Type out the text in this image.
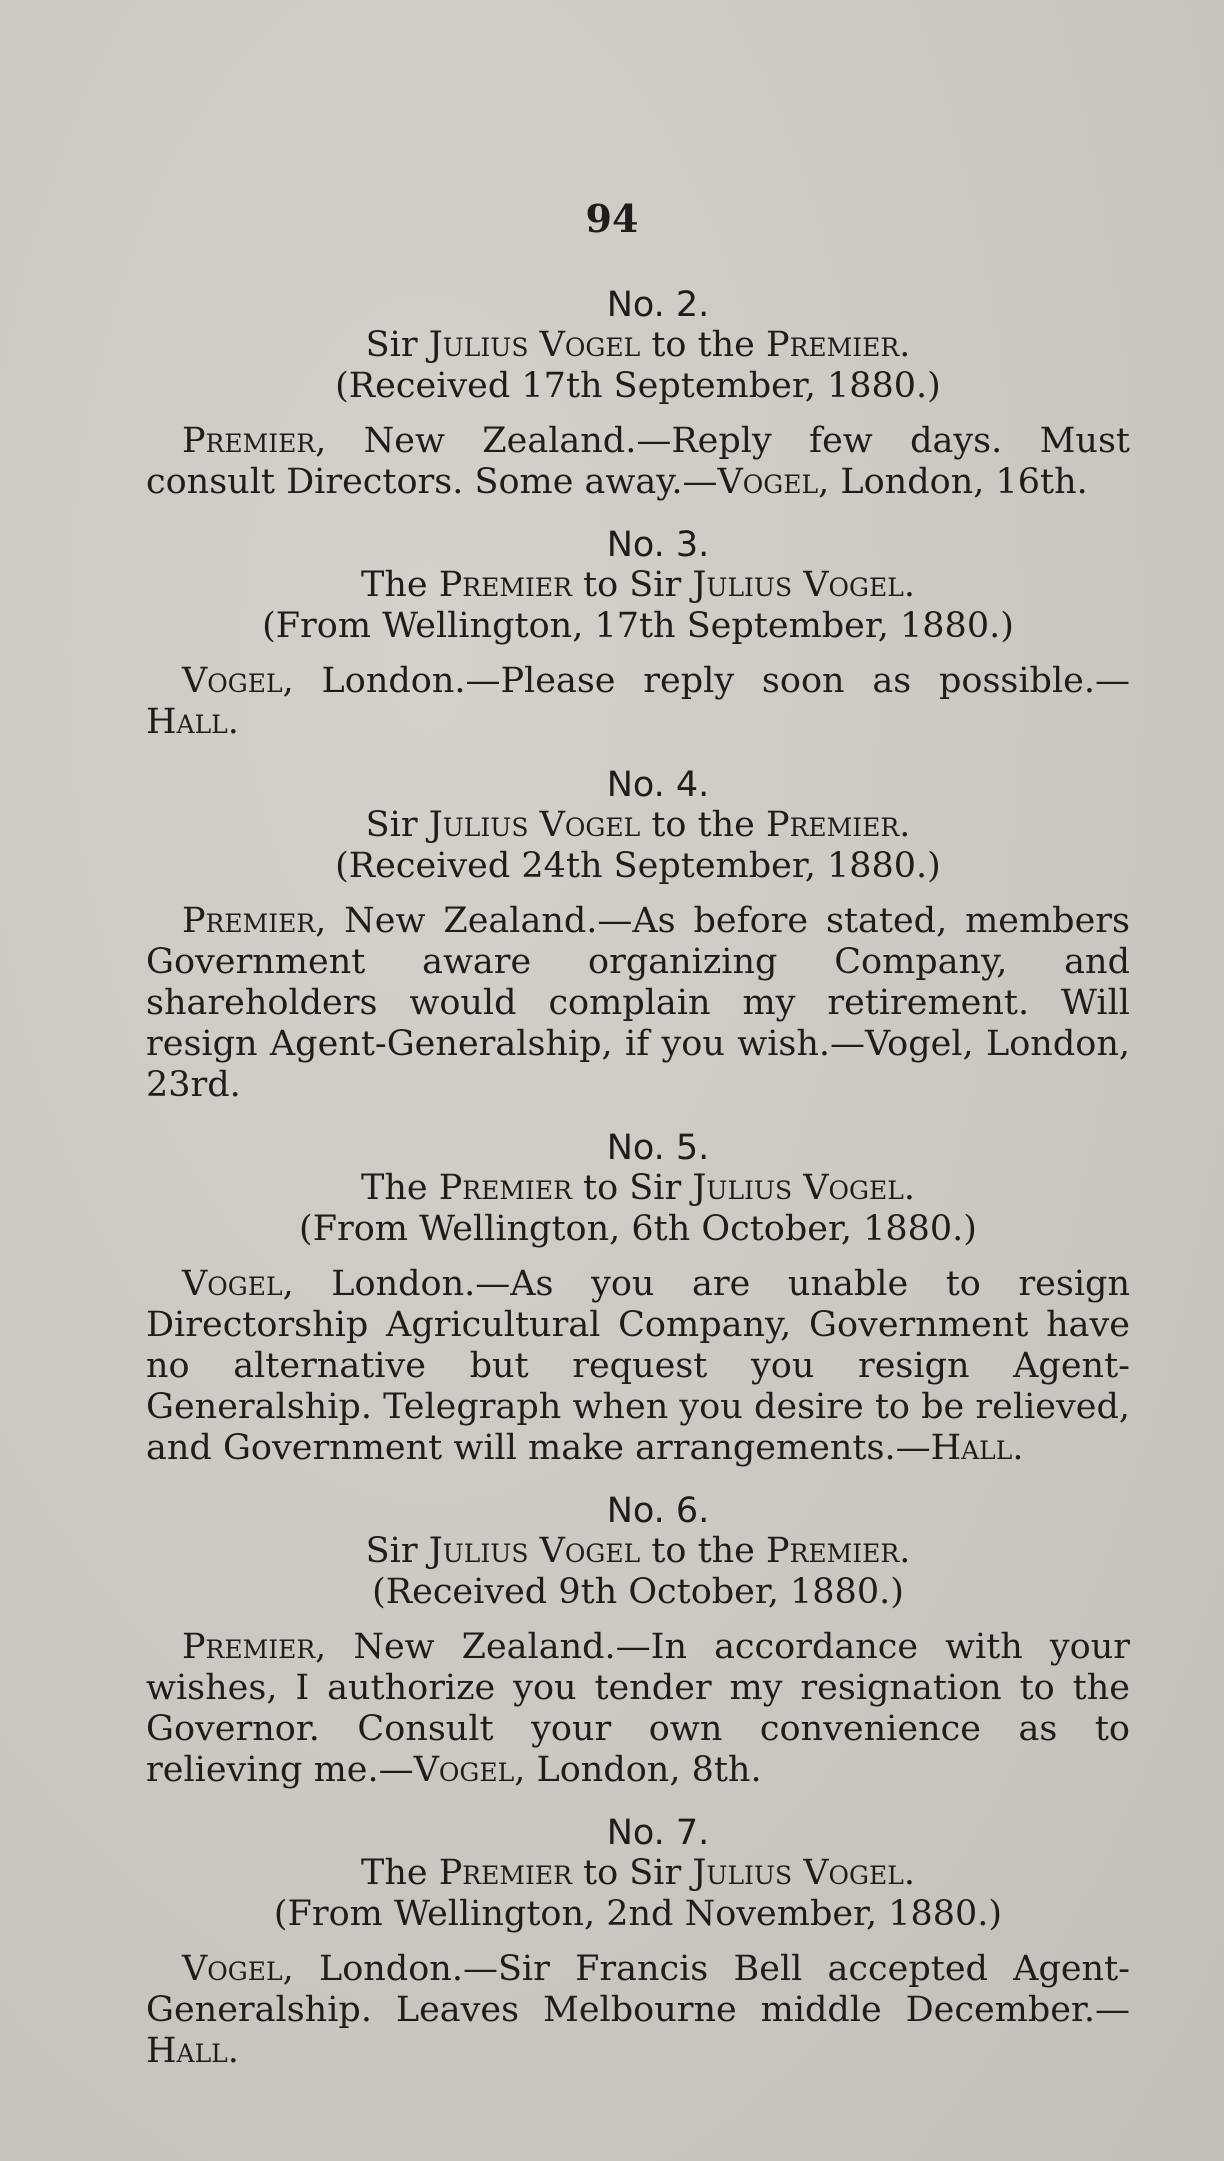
94
No. 2.
Sir Julius Vogel to the Premier.
(Received 17th September, 1880.)
Premier, New Zealand.—Reply few days. Must consult Directors. Some away.—Vogel, London, 16th.
No. 3.
The Premier to Sir Julius Vogel.
(From Wellington, 17th September, 1880.)
Vogel, London.—Please reply soon as possible.—Hall.
No. 4.
Sir Julius Vogel to the Premier.
(Received 24th September, 1880.)
Premier, New Zealand.—As before stated, members Government aware organizing Company, and shareholders would complain my retirement. Will resign Agent-Generalship, if you wish.—Vogel, London, 23rd.
No. 5.
The Premier to Sir Julius Vogel.
(From Wellington, 6th October, 1880.)
Vogel, London.—As you are unable to resign Directorship Agricultural Company, Government have no alternative but request you resign Agent-Generalship. Telegraph when you desire to be relieved, and Government will make arrangements.—Hall.
No. 6.
Sir Julius Vogel to the Premier.
(Received 9th October, 1880.)
Premier, New Zealand.—In accordance with your wishes, I authorize you tender my resignation to the Governor. Consult your own convenience as to relieving me.—Vogel, London, 8th.
No. 7.
The Premier to Sir Julius Vogel.
(From Wellington, 2nd November, 1880.)
Vogel, London.—Sir Francis Bell accepted Agent-Generalship. Leaves Melbourne middle December.—Hall.
